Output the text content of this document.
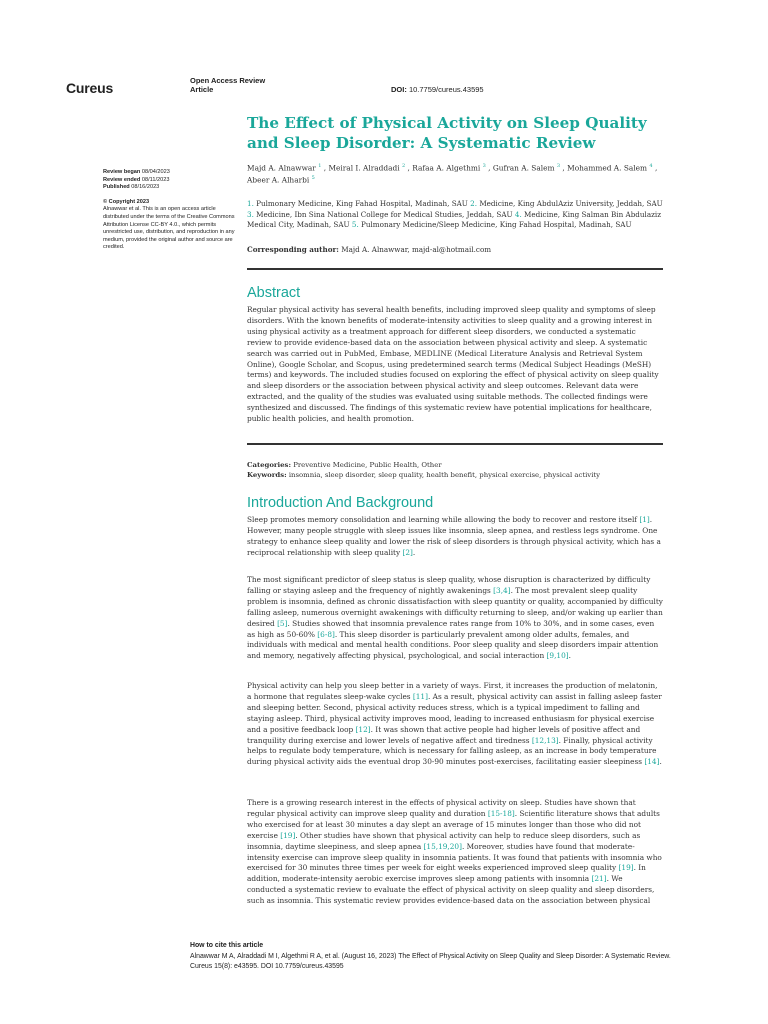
Cureus	Open Access Review
Article	DOI: 10.7759/cureus.43595
Review began 08/04/2023
Review ended 08/11/2023
Published 08/16/2023
© Copyright 2023
Alnawwar et al. This is an open access article distributed under the terms of the Creative Commons Attribution License CC-BY 4.0., which permits unrestricted use, distribution, and reproduction in any medium, provided the original author and source are credited.
The Effect of Physical Activity on Sleep Quality and Sleep Disorder: A Systematic Review
Majd A. Alnawwar $^1$ , Meiral I. Alraddadi $^2$ , Rafaa A. Algethmi $^3$ , Gufran A. Salem $^3$ , Mohammed A. Salem $^4$ , Abeer A. Alharbi $^5$
1. Pulmonary Medicine, King Fahad Hospital, Madinah, SAU 2. Medicine, King AbdulAziz University, Jeddah, SAU 3. Medicine, Ibn Sina National College for Medical Studies, Jeddah, SAU 4. Medicine, King Salman Bin Abdulaziz Medical City, Madinah, SAU 5. Pulmonary Medicine/Sleep Medicine, King Fahad Hospital, Madinah, SAU
Corresponding author: Majd A. Alnawwar, majd-al@hotmail.com
Abstract
Regular physical activity has several health benefits, including improved sleep quality and symptoms of sleep disorders. With the known benefits of moderate-intensity activities to sleep quality and a growing interest in using physical activity as a treatment approach for different sleep disorders, we conducted a systematic review to provide evidence-based data on the association between physical activity and sleep. A systematic search was carried out in PubMed, Embase, MEDLINE (Medical Literature Analysis and Retrieval System Online), Google Scholar, and Scopus, using predetermined search terms (Medical Subject Headings (MeSH) terms) and keywords. The included studies focused on exploring the effect of physical activity on sleep quality and sleep disorders or the association between physical activity and sleep outcomes. Relevant data were extracted, and the quality of the studies was evaluated using suitable methods. The collected findings were synthesized and discussed. The findings of this systematic review have potential implications for healthcare, public health policies, and health promotion.
Categories: Preventive Medicine, Public Health, Other
Keywords: insomnia, sleep disorder, sleep quality, health benefit, physical exercise, physical activity
Introduction And Background
Sleep promotes memory consolidation and learning while allowing the body to recover and restore itself [1]. However, many people struggle with sleep issues like insomnia, sleep apnea, and restless legs syndrome. One strategy to enhance sleep quality and lower the risk of sleep disorders is through physical activity, which has a reciprocal relationship with sleep quality [2].
The most significant predictor of sleep status is sleep quality, whose disruption is characterized by difficulty falling or staying asleep and the frequency of nightly awakenings [3,4]. The most prevalent sleep quality problem is insomnia, defined as chronic dissatisfaction with sleep quantity or quality, accompanied by difficulty falling asleep, numerous overnight awakenings with difficulty returning to sleep, and/or waking up earlier than desired [5]. Studies showed that insomnia prevalence rates range from 10% to 30%, and in some cases, even as high as 50-60% [6-8]. This sleep disorder is particularly prevalent among older adults, females, and individuals with medical and mental health conditions. Poor sleep quality and sleep disorders impair attention and memory, negatively affecting physical, psychological, and social interaction [9,10].
Physical activity can help you sleep better in a variety of ways. First, it increases the production of melatonin, a hormone that regulates sleep-wake cycles [11]. As a result, physical activity can assist in falling asleep faster and sleeping better. Second, physical activity reduces stress, which is a typical impediment to falling and staying asleep. Third, physical activity improves mood, leading to increased enthusiasm for physical exercise and a positive feedback loop [12]. It was shown that active people had higher levels of positive affect and tranquility during exercise and lower levels of negative affect and tiredness [12,13]. Finally, physical activity helps to regulate body temperature, which is necessary for falling asleep, as an increase in body temperature during physical activity aids the eventual drop 30-90 minutes post-exercises, facilitating easier sleepiness [14].
There is a growing research interest in the effects of physical activity on sleep. Studies have shown that regular physical activity can improve sleep quality and duration [15-18]. Scientific literature shows that adults who exercised for at least 30 minutes a day slept an average of 15 minutes longer than those who did not exercise [19]. Other studies have shown that physical activity can help to reduce sleep disorders, such as insomnia, daytime sleepiness, and sleep apnea [15,19,20]. Moreover, studies have found that moderate-intensity exercise can improve sleep quality in insomnia patients. It was found that patients with insomnia who exercised for 30 minutes three times per week for eight weeks experienced improved sleep quality [19]. In addition, moderate-intensity aerobic exercise improves sleep among patients with insomnia [21]. We conducted a systematic review to evaluate the effect of physical activity on sleep quality and sleep disorders, such as insomnia. This systematic review provides evidence-based data on the association between physical
How to cite this article
Alnawwar M A, Alraddadi M I, Algethmi R A, et al. (August 16, 2023) The Effect of Physical Activity on Sleep Quality and Sleep Disorder: A Systematic Review. Cureus 15(8): e43595. DOI 10.7759/cureus.43595
